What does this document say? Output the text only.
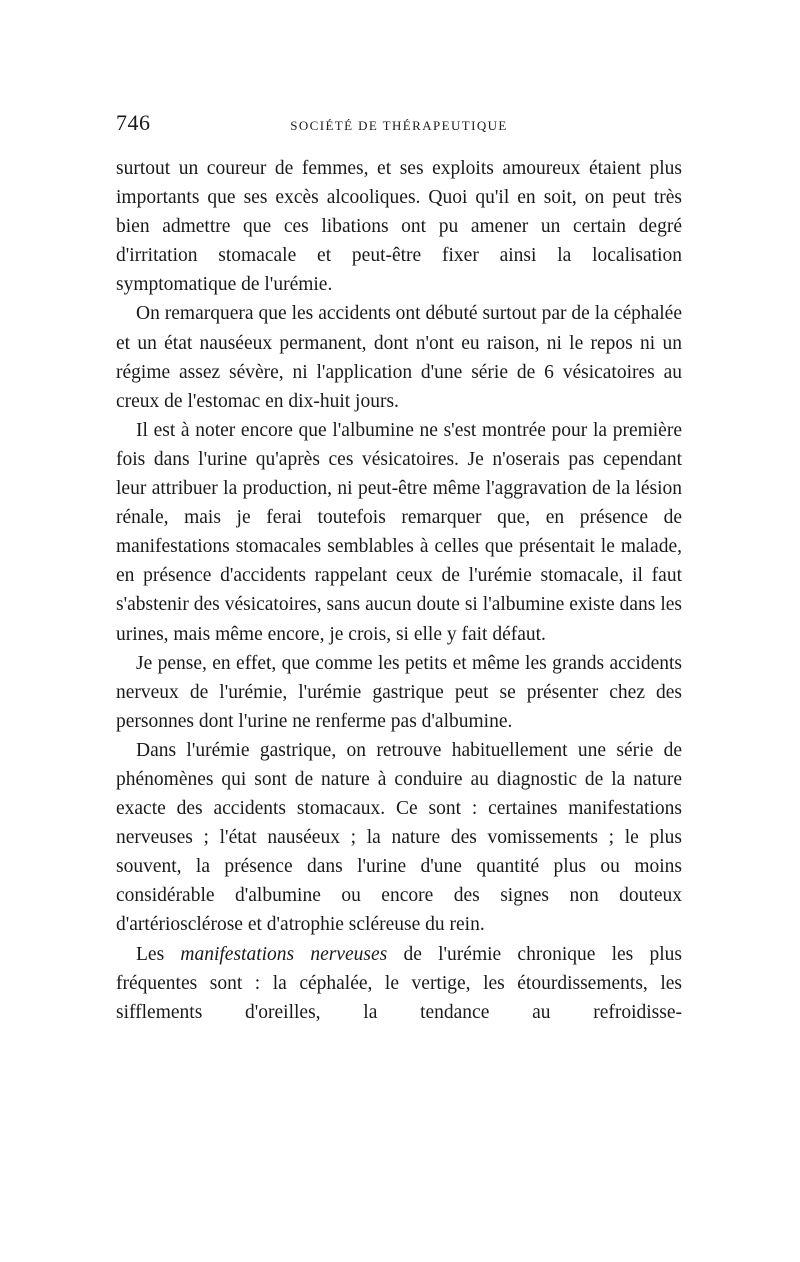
746	SOCIÉTÉ DE THÉRAPEUTIQUE

surtout un coureur de femmes, et ses exploits amoureux étaient plus importants que ses excès alcooliques. Quoi qu'il en soit, on peut très bien admettre que ces libations ont pu amener un certain degré d'irritation stomacale et peut-être fixer ainsi la localisation symptomatique de l'urémie.

On remarquera que les accidents ont débuté surtout par de la céphalée et un état nauséeux permanent, dont n'ont eu raison, ni le repos ni un régime assez sévère, ni l'application d'une série de 6 vésicatoires au creux de l'estomac en dix-huit jours.

Il est à noter encore que l'albumine ne s'est montrée pour la première fois dans l'urine qu'après ces vésicatoires. Je n'oserais pas cependant leur attribuer la production, ni peut-être même l'aggravation de la lésion rénale, mais je ferai toutefois remarquer que, en présence de manifestations stomacales semblables à celles que présentait le malade, en présence d'accidents rappelant ceux de l'urémie stomacale, il faut s'abstenir des vésicatoires, sans aucun doute si l'albumine existe dans les urines, mais même encore, je crois, si elle y fait défaut.

Je pense, en effet, que comme les petits et même les grands accidents nerveux de l'urémie, l'urémie gastrique peut se présenter chez des personnes dont l'urine ne renferme pas d'albumine.

Dans l'urémie gastrique, on retrouve habituellement une série de phénomènes qui sont de nature à conduire au diagnostic de la nature exacte des accidents stomacaux. Ce sont : certaines manifestations nerveuses ; l'état nauséeux ; la nature des vomissements ; le plus souvent, la présence dans l'urine d'une quantité plus ou moins considérable d'albumine ou encore des signes non douteux d'artériosclérose et d'atrophie scléreuse du rein.

Les manifestations nerveuses de l'urémie chronique les plus fréquentes sont : la céphalée, le vertige, les étourdissements, les sifflements d'oreilles, la tendance au refroidisse-
